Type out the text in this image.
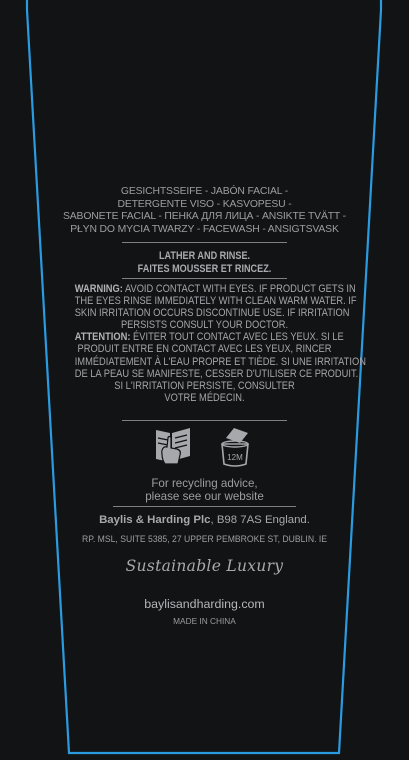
GESICHTSSEIFE - JABÓN FACIAL -
DETERGENTE VISO - KASVOPESU -
SABONETE FACIAL - ПЕНКА ДЛЯ ЛИЦА - ANSIKTE TVÄTT -
PŁYN DO MYCIA TWARZY - FACEWASH - ANSIGTSVASK
LATHER AND RINSE.
FAITES MOUSSER ET RINCEZ.
WARNING: AVOID CONTACT WITH EYES. IF PRODUCT GETS IN
THE EYES RINSE IMMEDIATELY WITH CLEAN WARM WATER. IF
SKIN IRRITATION OCCURS DISCONTINUE USE. IF IRRITATION
PERSISTS CONSULT YOUR DOCTOR.
ATTENTION: ÉVITER TOUT CONTACT AVEC LES YEUX. SI LE
PRODUIT ENTRE EN CONTACT AVEC LES YEUX, RINCER
IMMÉDIATEMENT À L'EAU PROPRE ET TIÈDE. SI UNE IRRITATION
DE LA PEAU SE MANIFESTE, CESSER D'UTILISER CE PRODUIT.
SI L'IRRITATION PERSISTE, CONSULTER
VOTRE MÉDECIN.
12M
For recycling advice,
please see our website
Baylis & Harding Plc, B98 7AS England.
RP. MSL, SUITE 5385, 27 UPPER PEMBROKE ST, DUBLIN. IE
Sustainable Luxury
baylisandharding.com
MADE IN CHINA
